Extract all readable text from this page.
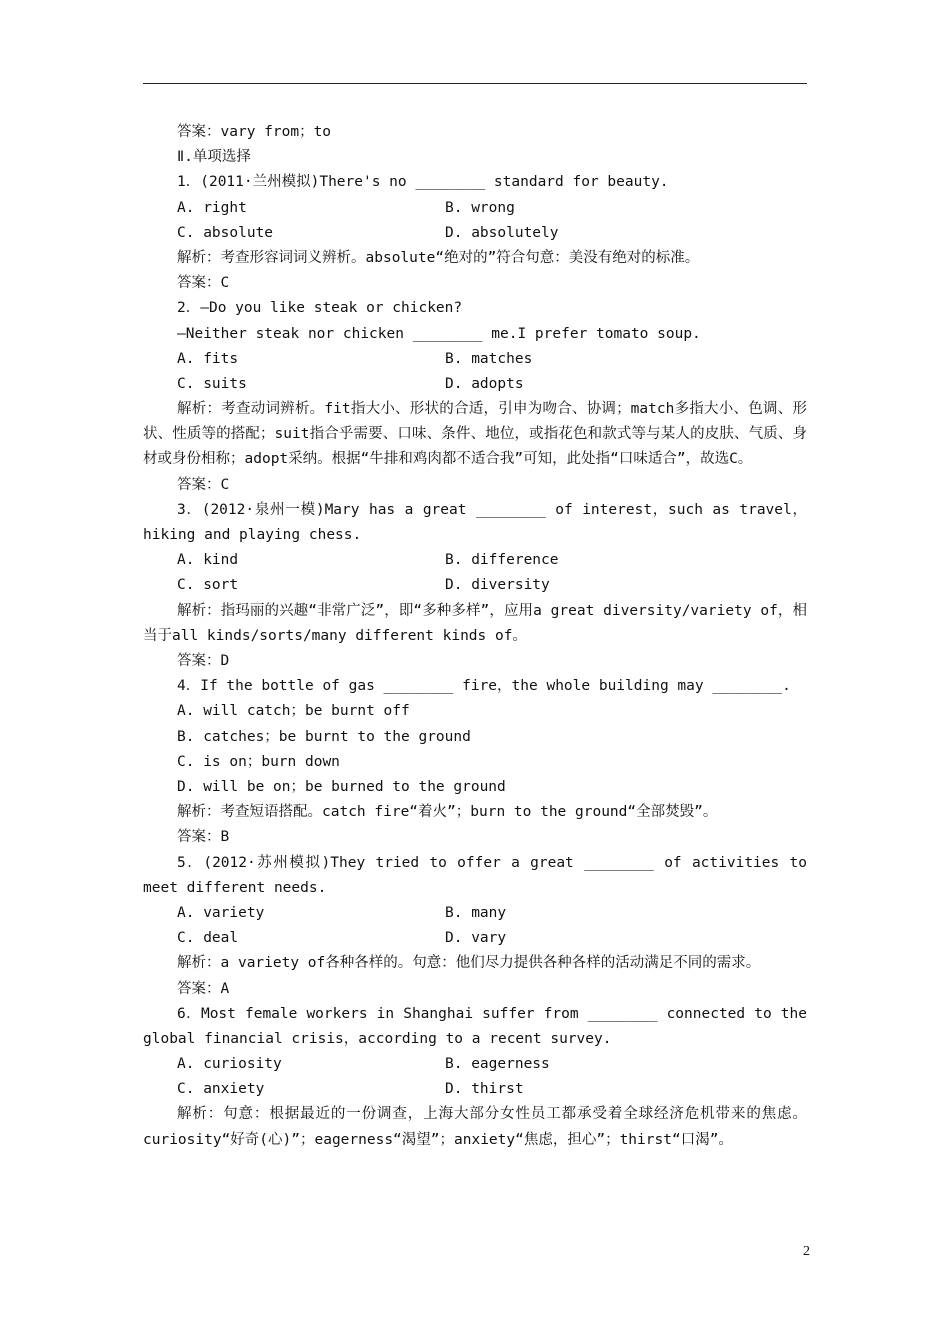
答案：vary from；to
Ⅱ.单项选择
1．(2011·兰州模拟)There's no ________ standard for beauty.
A. right	B. wrong
C. absolute	D. absolutely
解析：考查形容词词义辨析。absolute“绝对的”符合句意：美没有绝对的标准。
答案：C
2．—Do you like steak or chicken?
—Neither steak nor chicken ________ me.I prefer tomato soup.
A. fits	B. matches
C. suits	D. adopts
解析：考查动词辨析。fit指大小、形状的合适，引申为吻合、协调；match多指大小、色调、形状、性质等的搭配；suit指合乎需要、口味、条件、地位，或指花色和款式等与某人的皮肤、气质、身材或身份相称；adopt采纳。根据“牛排和鸡肉都不适合我”可知，此处指“口味适合”，故选C。
答案：C
3．(2012·泉州一模)Mary has a great ________ of interest，such as travel，hiking and playing chess.
A. kind	B. difference
C. sort	D. diversity
解析：指玛丽的兴趣“非常广泛”，即“多种多样”，应用a great diversity/variety of，相当于all kinds/sorts/many different kinds of。
答案：D
4．If the bottle of gas ________ fire，the whole building may ________.
A. will catch；be burnt off
B. catches；be burnt to the ground
C. is on；burn down
D. will be on；be burned to the ground
解析：考查短语搭配。catch fire“着火”；burn to the ground“全部焚毁”。
答案：B
5．(2012·苏州模拟)They tried to offer a great ________ of activities to meet different needs.
A. variety	B. many
C. deal	D. vary
解析：a variety of各种各样的。句意：他们尽力提供各种各样的活动满足不同的需求。
答案：A
6．Most female workers in Shanghai suffer from ________ connected to the global financial crisis，according to a recent survey.
A. curiosity	B. eagerness
C. anxiety	D. thirst
解析：句意：根据最近的一份调查，上海大部分女性员工都承受着全球经济危机带来的焦虑。curiosity“好奇(心)”；eagerness“渴望”；anxiety“焦虑，担心”；thirst“口渴”。
2
